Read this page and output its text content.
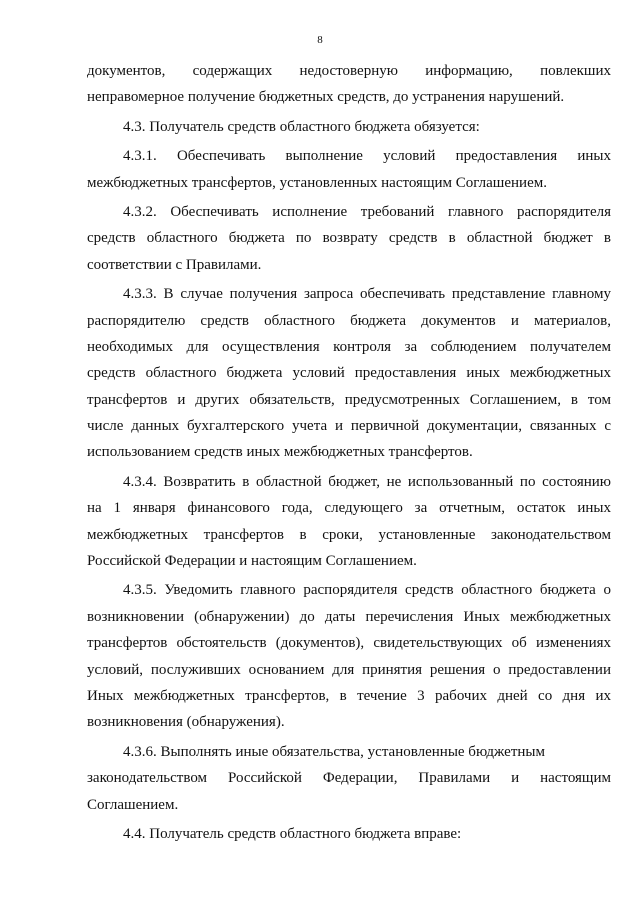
8
документов, содержащих недостоверную информацию, повлекших
неправомерное получение бюджетных средств, до устранения нарушений.
4.3. Получатель средств областного бюджета обязуется:
4.3.1. Обеспечивать выполнение условий предоставления иных
межбюджетных трансфертов, установленных настоящим Соглашением.
4.3.2. Обеспечивать исполнение требований главного распорядителя
средств областного бюджета по возврату средств в областной бюджет в
соответствии с Правилами.
4.3.3. В случае получения запроса обеспечивать представление главному
распорядителю средств областного бюджета документов и материалов,
необходимых для осуществления контроля за соблюдением получателем
средств областного бюджета условий предоставления иных межбюджетных
трансфертов и других обязательств, предусмотренных Соглашением, в том
числе данных бухгалтерского учета и первичной документации, связанных с
использованием средств иных межбюджетных трансфертов.
4.3.4. Возвратить в областной бюджет, не использованный по состоянию
на 1 января финансового года, следующего за отчетным, остаток иных
межбюджетных трансфертов в сроки, установленные законодательством
Российской Федерации и настоящим Соглашением.
4.3.5. Уведомить главного распорядителя средств областного бюджета о
возникновении (обнаружении) до даты перечисления Иных межбюджетных
трансфертов обстоятельств (документов), свидетельствующих об изменениях
условий, послуживших основанием для принятия решения о предоставлении
Иных межбюджетных трансфертов, в течение 3 рабочих дней со дня их
возникновения (обнаружения).
4.3.6. Выполнять иные обязательства, установленные бюджетным
законодательством Российской Федерации, Правилами и настоящим
Соглашением.
4.4. Получатель средств областного бюджета вправе:
